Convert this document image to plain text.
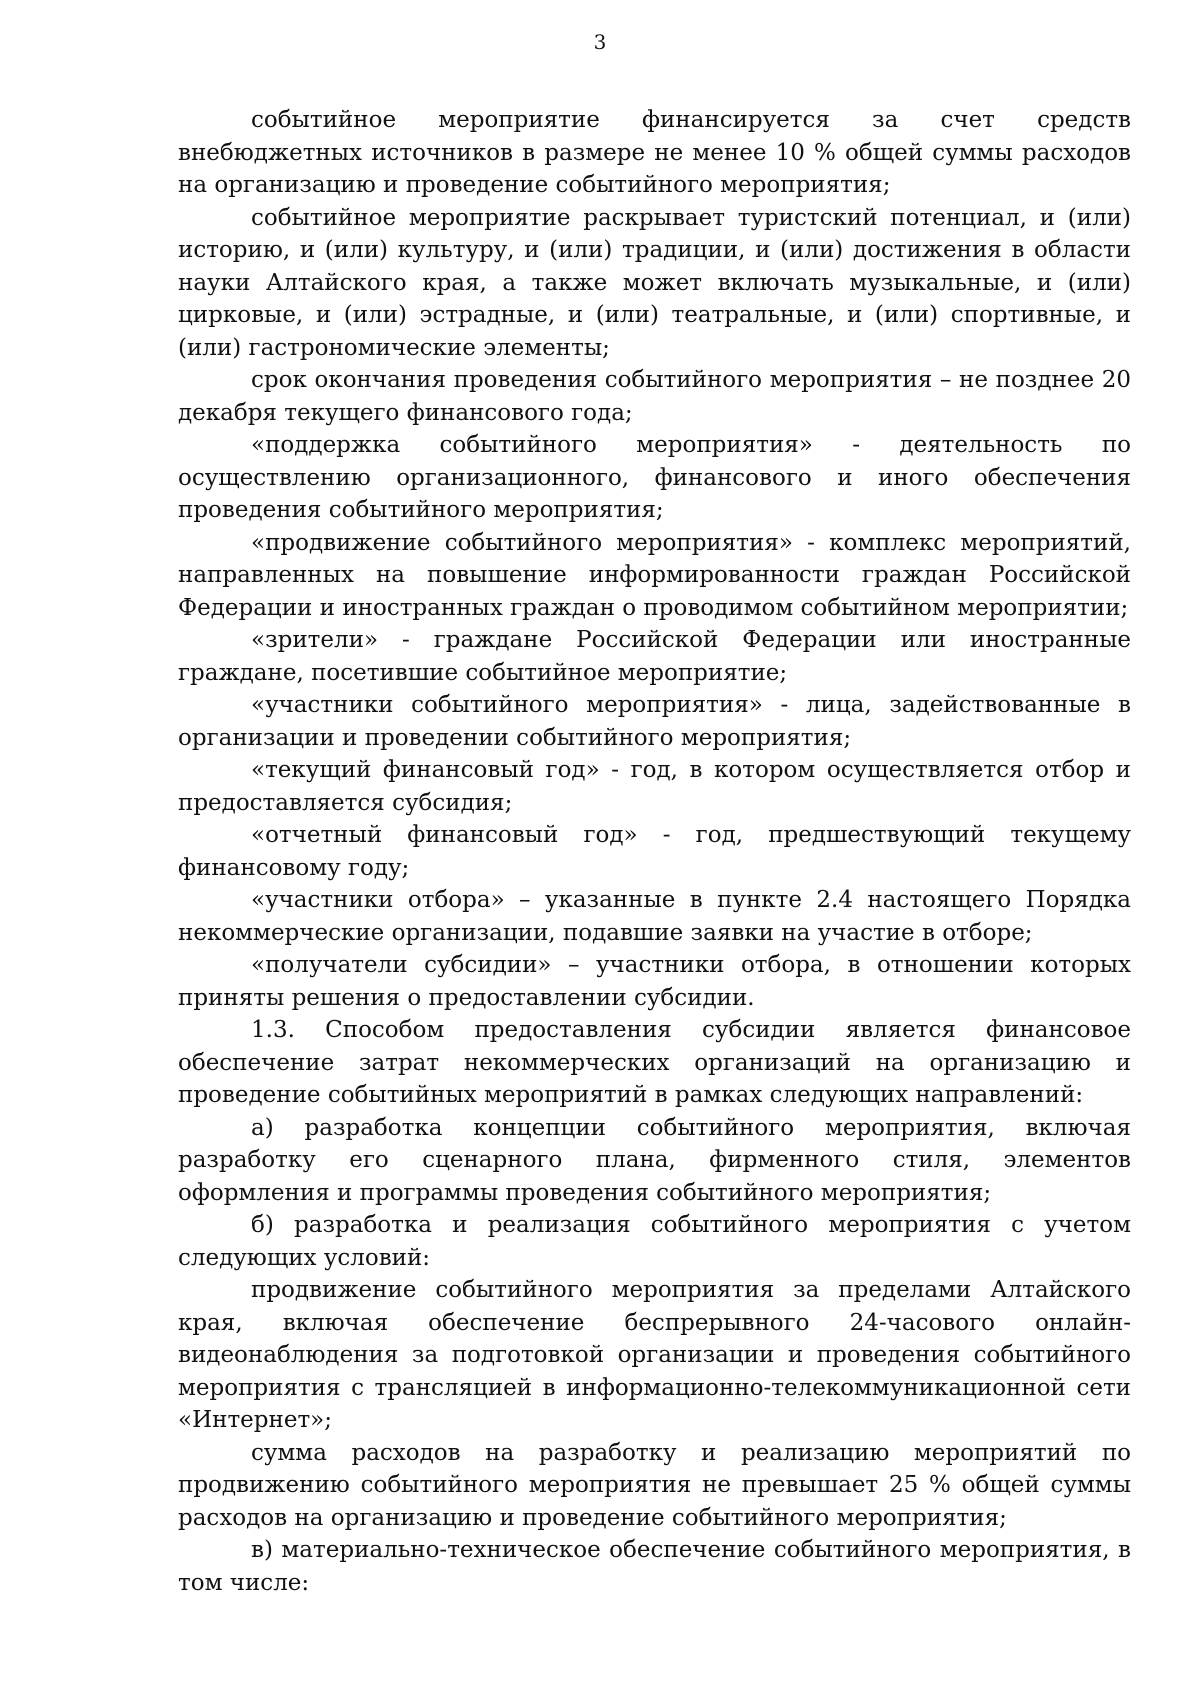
3

событийное мероприятие финансируется за счет средств внебюджетных источников в размере не менее 10 % общей суммы расходов на организацию и проведение событийного мероприятия;

событийное мероприятие раскрывает туристский потенциал, и (или) историю, и (или) культуру, и (или) традиции, и (или) достижения в области науки Алтайского края, а также может включать музыкальные, и (или) цирковые, и (или) эстрадные, и (или) театральные, и (или) спортивные, и (или) гастрономические элементы;

срок окончания проведения событийного мероприятия – не позднее 20 декабря текущего финансового года;

«поддержка событийного мероприятия» - деятельность по осуществлению организационного, финансового и иного обеспечения проведения событийного мероприятия;

«продвижение событийного мероприятия» - комплекс мероприятий, направленных на повышение информированности граждан Российской Федерации и иностранных граждан о проводимом событийном мероприятии;

«зрители» - граждане Российской Федерации или иностранные граждане, посетившие событийное мероприятие;

«участники событийного мероприятия» - лица, задействованные в организации и проведении событийного мероприятия;

«текущий финансовый год» - год, в котором осуществляется отбор и предоставляется субсидия;

«отчетный финансовый год» - год, предшествующий текущему финансовому году;

«участники отбора» – указанные в пункте 2.4 настоящего Порядка некоммерческие организации, подавшие заявки на участие в отборе;

«получатели субсидии» – участники отбора, в отношении которых приняты решения о предоставлении субсидии.

1.3. Способом предоставления субсидии является финансовое обеспечение затрат некоммерческих организаций на организацию и проведение событийных мероприятий в рамках следующих направлений:

а) разработка концепции событийного мероприятия, включая разработку его сценарного плана, фирменного стиля, элементов оформления и программы проведения событийного мероприятия;

б) разработка и реализация событийного мероприятия с учетом следующих условий:

продвижение событийного мероприятия за пределами Алтайского края, включая обеспечение беспрерывного 24-часового онлайн-видеонаблюдения за подготовкой организации и проведения событийного мероприятия с трансляцией в информационно-телекоммуникационной сети «Интернет»;

сумма расходов на разработку и реализацию мероприятий по продвижению событийного мероприятия не превышает 25 % общей суммы расходов на организацию и проведение событийного мероприятия;

в) материально-техническое обеспечение событийного мероприятия, в том числе:
